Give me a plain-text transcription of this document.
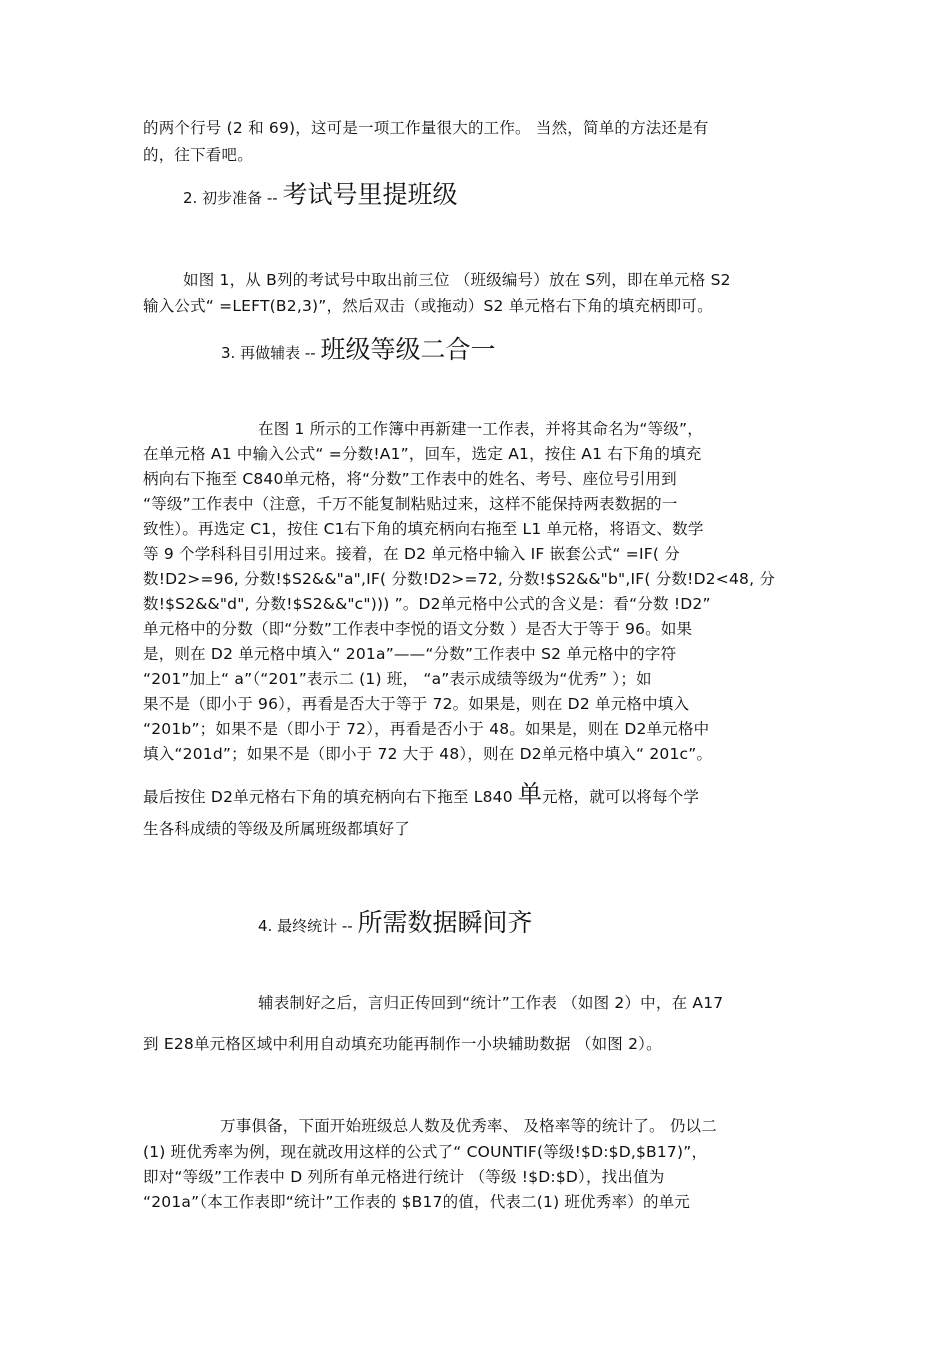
的两个行号 (2 和 69)，这可是一项工作量很大的工作。 当然，简单的方法还是有
的，往下看吧。
2. 初步准备 -- 考试号里提班级
如图 1，从 B列的考试号中取出前三位 （班级编号）放在 S列，即在单元格 S2
输入公式“ =LEFT(B2,3)”，然后双击（或拖动）S2 单元格右下角的填充柄即可。
3. 再做辅表 -- 班级等级二合一
在图 1 所示的工作簿中再新建一工作表，并将其命名为“等级”，
在单元格 A1 中输入公式“ =分数!A1”，回车，选定 A1，按住 A1 右下角的填充
柄向右下拖至 C840单元格，将“分数”工作表中的姓名、考号、座位号引用到
“等级”工作表中（注意，千万不能复制粘贴过来，这样不能保持两表数据的一
致性）。再选定 C1，按住 C1右下角的填充柄向右拖至 L1 单元格，将语文、数学
等 9 个学科科目引用过来。接着，在 D2 单元格中输入 IF 嵌套公式“ =IF( 分
数!D2>=96, 分数!$S2&&"a",IF( 分数!D2>=72, 分数!$S2&&"b",IF( 分数!D2<48, 分
数!$S2&&"d", 分数!$S2&&"c"))) ”。D2单元格中公式的含义是：看“分数 !D2”
单元格中的分数（即“分数”工作表中李悦的语文分数 ）是否大于等于 96。如果
是，则在 D2 单元格中填入“ 201a”——“分数”工作表中 S2 单元格中的字符
“201”加上“ a”（“201”表示二 (1) 班， “a”表示成绩等级为“优秀” ）；如
果不是（即小于 96），再看是否大于等于 72。如果是，则在 D2 单元格中填入
“201b”；如果不是（即小于 72），再看是否小于 48。如果是，则在 D2单元格中
填入“201d”；如果不是（即小于 72 大于 48），则在 D2单元格中填入“ 201c”。
最后按住 D2单元格右下角的填充柄向右下拖至 L840 单元格，就可以将每个学
生各科成绩的等级及所属班级都填好了
4. 最终统计 -- 所需数据瞬间齐
辅表制好之后，言归正传回到“统计”工作表 （如图 2）中，在 A17
到 E28单元格区域中利用自动填充功能再制作一小块辅助数据 （如图 2）。
万事俱备，下面开始班级总人数及优秀率、 及格率等的统计了。 仍以二
(1) 班优秀率为例，现在就改用这样的公式了“ COUNTIF(等级!$D:$D,$B17)”，
即对“等级”工作表中 D 列所有单元格进行统计 （等级 !$D:$D），找出值为
“201a”（本工作表即“统计”工作表的 $B17的值，代表二(1) 班优秀率）的单元
